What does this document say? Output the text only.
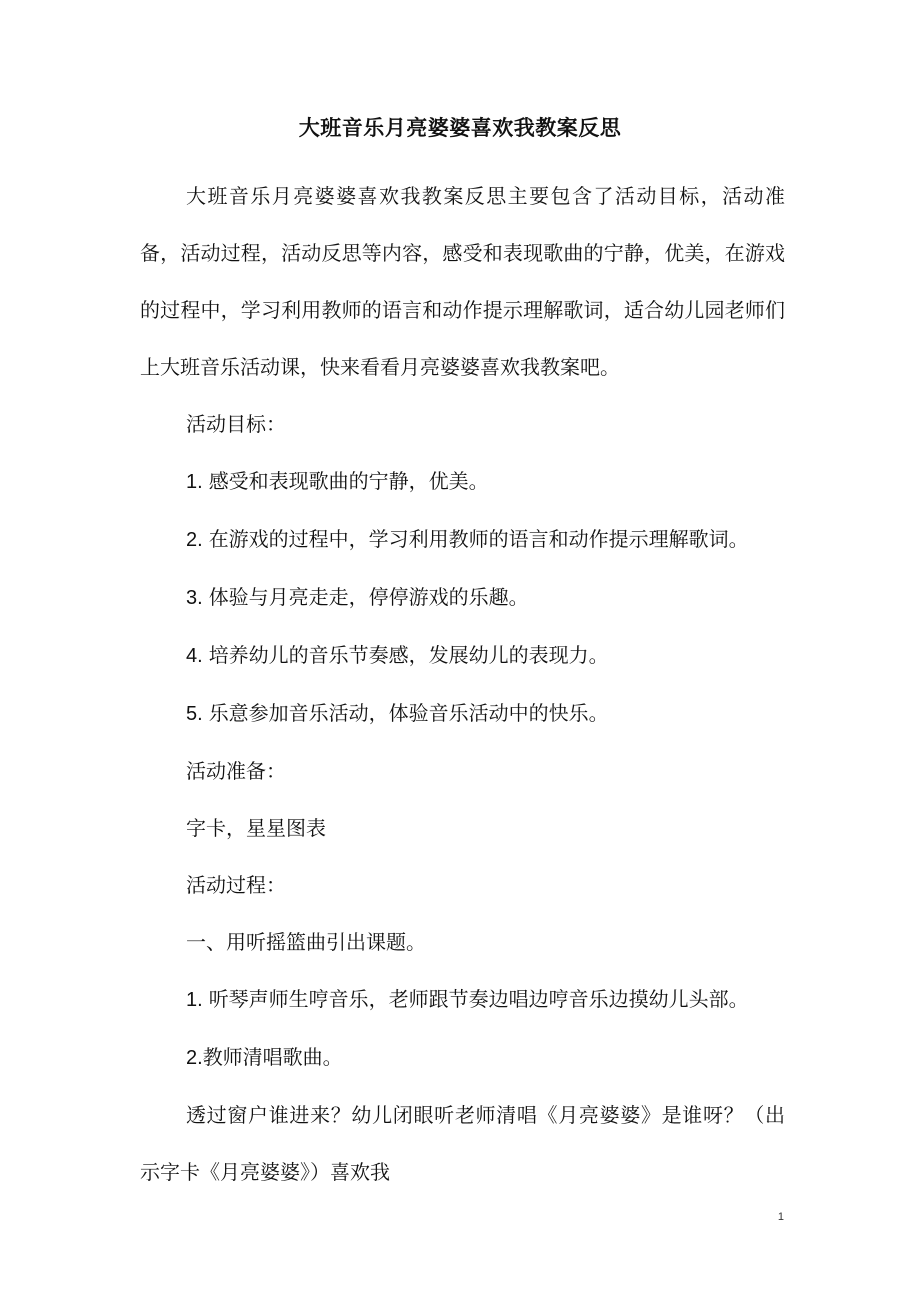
大班音乐月亮婆婆喜欢我教案反思

大班音乐月亮婆婆喜欢我教案反思主要包含了活动目标，活动准备，活动过程，活动反思等内容，感受和表现歌曲的宁静，优美，在游戏的过程中，学习利用教师的语言和动作提示理解歌词，适合幼儿园老师们上大班音乐活动课，快来看看月亮婆婆喜欢我教案吧。

活动目标：

1. 感受和表现歌曲的宁静，优美。

2. 在游戏的过程中，学习利用教师的语言和动作提示理解歌词。

3. 体验与月亮走走，停停游戏的乐趣。

4. 培养幼儿的音乐节奏感，发展幼儿的表现力。

5. 乐意参加音乐活动，体验音乐活动中的快乐。

活动准备：

字卡，星星图表

活动过程：

一、用听摇篮曲引出课题。

1. 听琴声师生哼音乐，老师跟节奏边唱边哼音乐边摸幼儿头部。

2.教师清唱歌曲。

透过窗户谁进来？幼儿闭眼听老师清唱《月亮婆婆》是谁呀？（出示字卡《月亮婆婆》）喜欢我

1
